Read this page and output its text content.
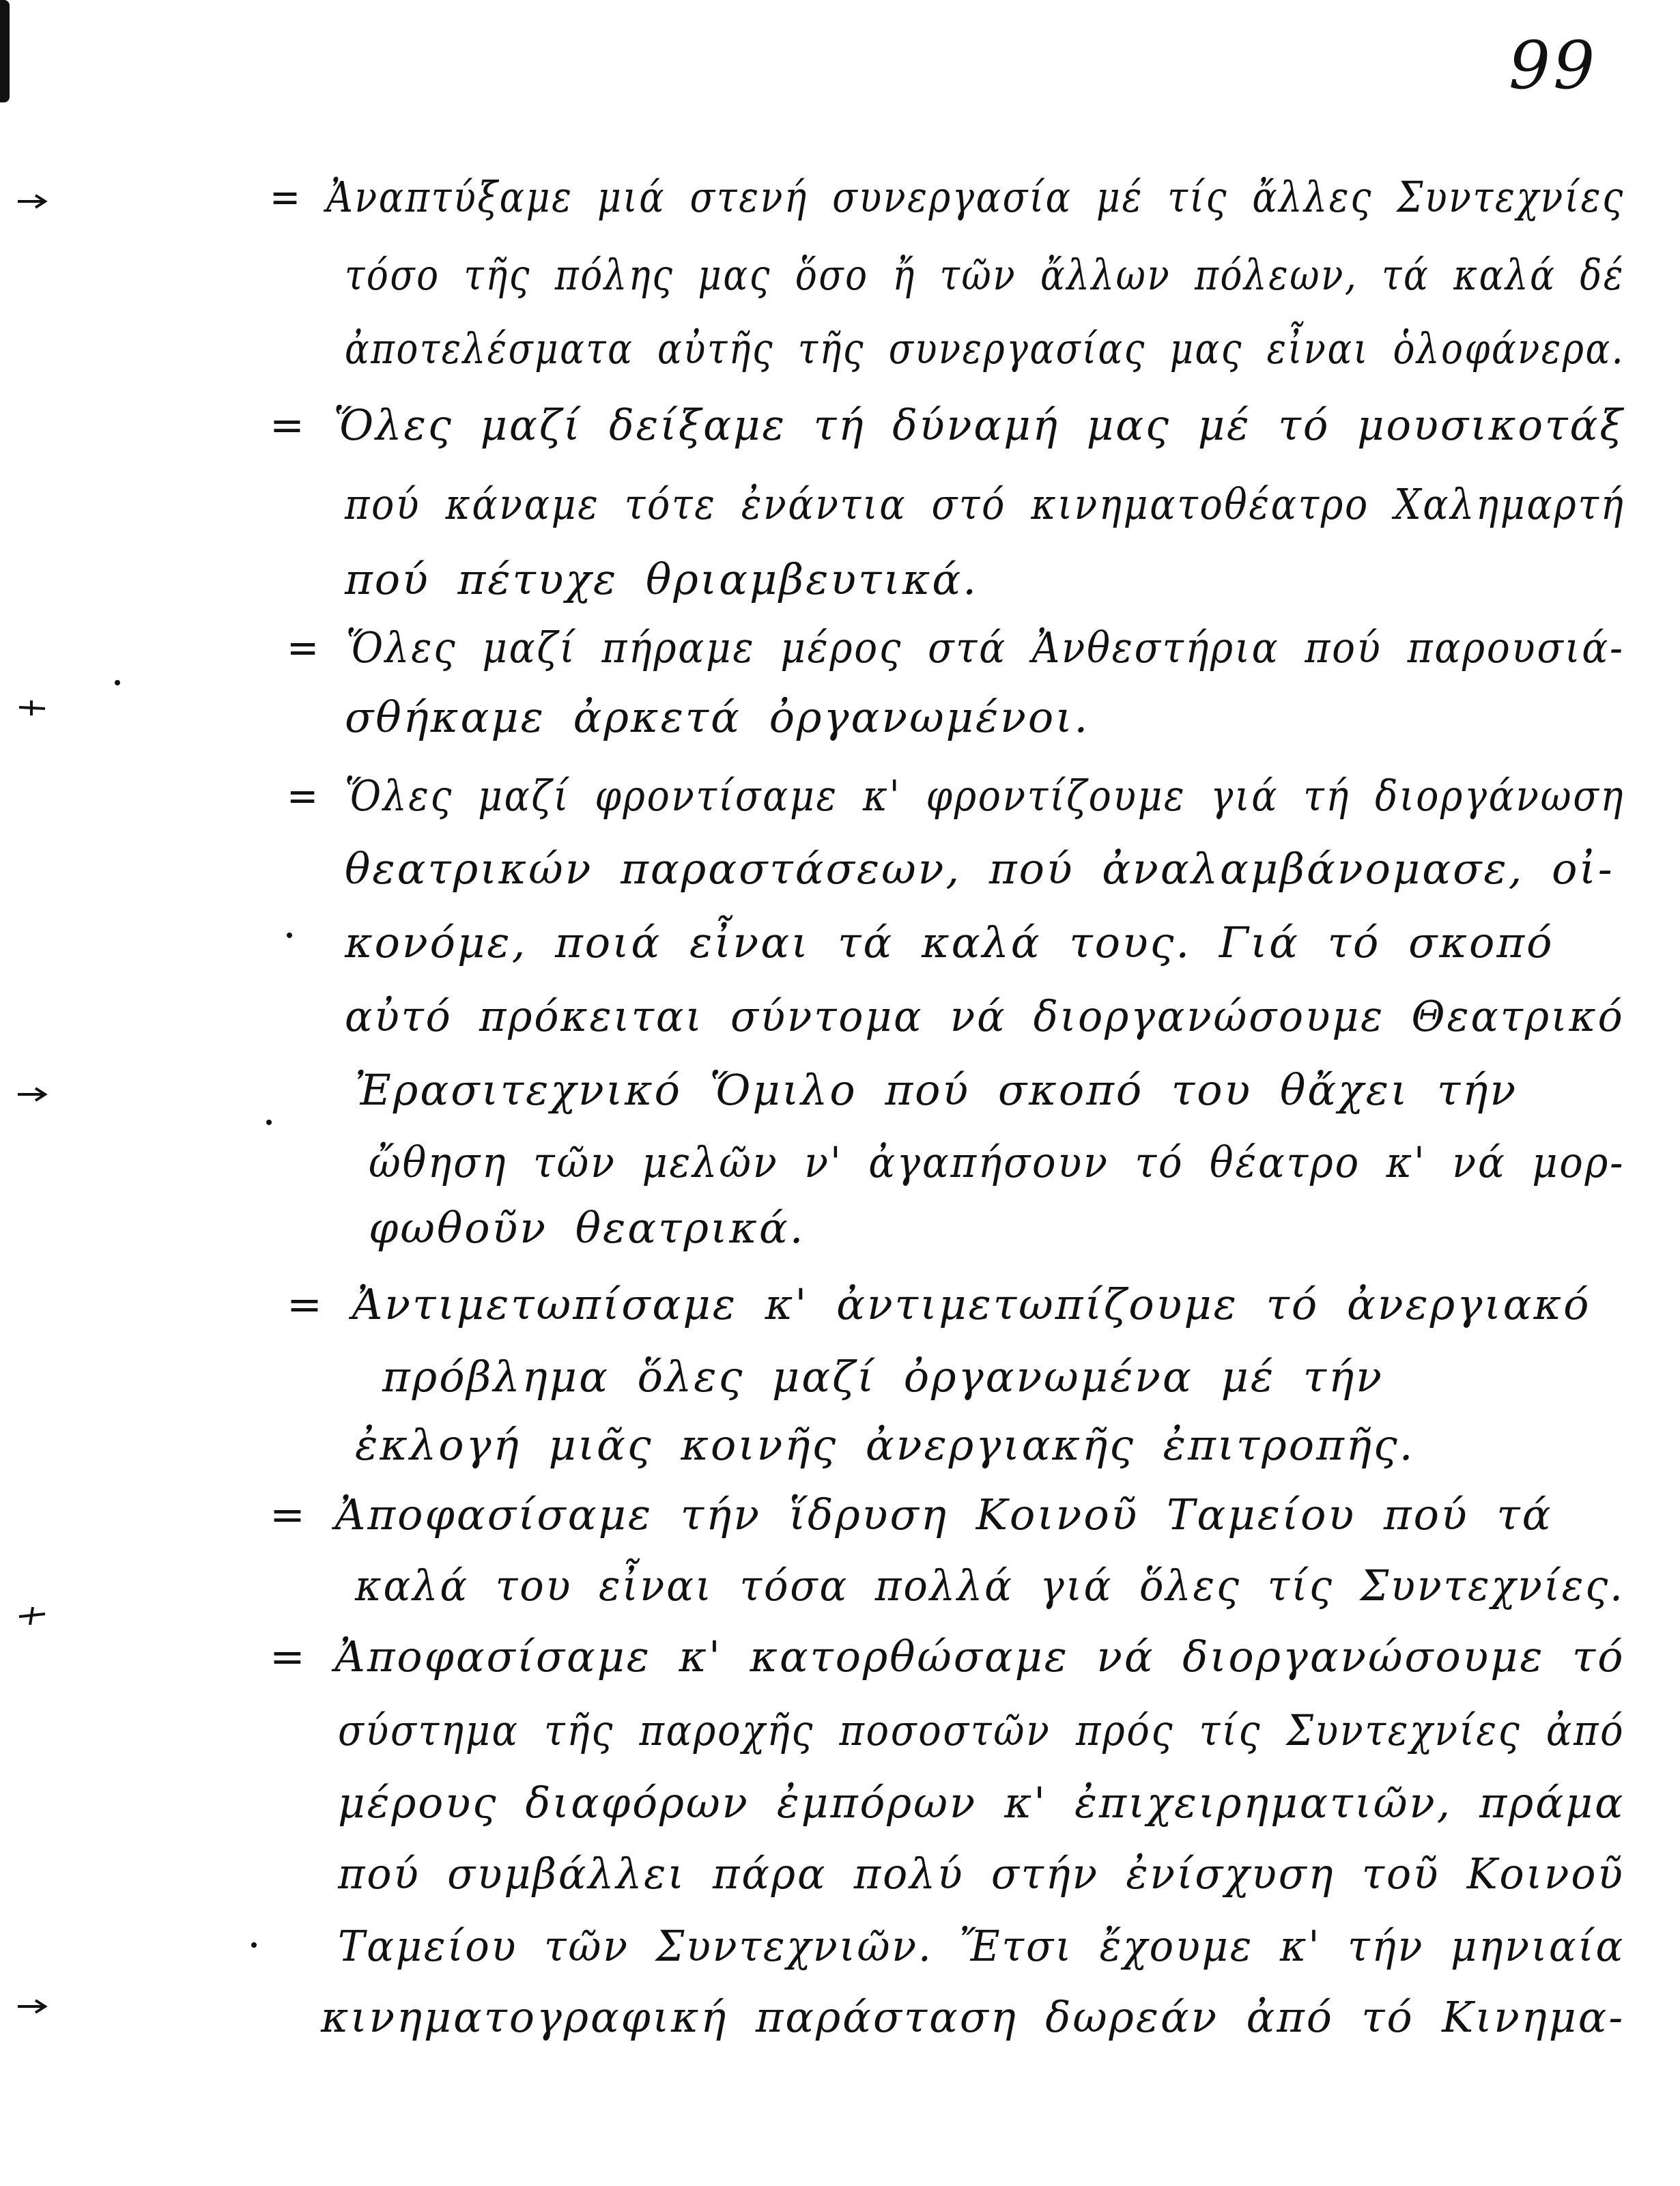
99
= Ἀναπτύξαμε μιά στενή συνεργασία μέ τίς ἄλλες Συντεχνίες
τόσο τῆς πόλης μας ὅσο ἤ τῶν ἄλλων πόλεων, τά καλά δέ
ἀποτελέσματα αὐτῆς τῆς συνεργασίας μας εἶναι ὁλοφάνερα.
= Ὅλες μαζί δείξαμε τή δύναμή μας μέ τό μουσικοτάξ
πού κάναμε τότε ἐνάντια στό κινηματοθέατρο Χαλημαρτή
πού πέτυχε θριαμβευτικά.
= Ὅλες μαζί πήραμε μέρος στά Ἀνθεστήρια πού παρουσιά-
σθήκαμε ἀρκετά ὀργανωμένοι.
= Ὅλες μαζί φροντίσαμε κ' φροντίζουμε γιά τή διοργάνωση
θεατρικών παραστάσεων, πού ἀναλαμβάνομασε, οἰ-
κονόμε, ποιά εἶναι τά καλά τους. Γιά τό σκοπό
αὐτό πρόκειται σύντομα νά διοργανώσουμε Θεατρικό
Ἐρασιτεχνικό Ὅμιλο πού σκοπό του θἄχει τήν
ὤθηση τῶν μελῶν ν' ἀγαπήσουν τό θέατρο κ' νά μορ-
φωθοῦν θεατρικά.
= Ἀντιμετωπίσαμε κ' ἀντιμετωπίζουμε τό ἀνεργιακό
πρόβλημα ὅλες μαζί ὀργανωμένα μέ τήν
ἐκλογή μιᾶς κοινῆς ἀνεργιακῆς ἐπιτροπῆς.
= Ἀποφασίσαμε τήν ἵδρυση Κοινοῦ Ταμείου πού τά
καλά του εἶναι τόσα πολλά γιά ὅλες τίς Συντεχνίες.
= Ἀποφασίσαμε κ' κατορθώσαμε νά διοργανώσουμε τό
σύστημα τῆς παροχῆς ποσοστῶν πρός τίς Συντεχνίες ἀπό
μέρους διαφόρων ἐμπόρων κ' ἐπιχειρηματιῶν, πράμα
πού συμβάλλει πάρα πολύ στήν ἐνίσχυση τοῦ Κοινοῦ
Ταμείου τῶν Συντεχνιῶν. Ἔτσι ἔχουμε κ' τήν μηνιαία
κινηματογραφική παράσταση δωρεάν ἀπό τό Κινημα-
